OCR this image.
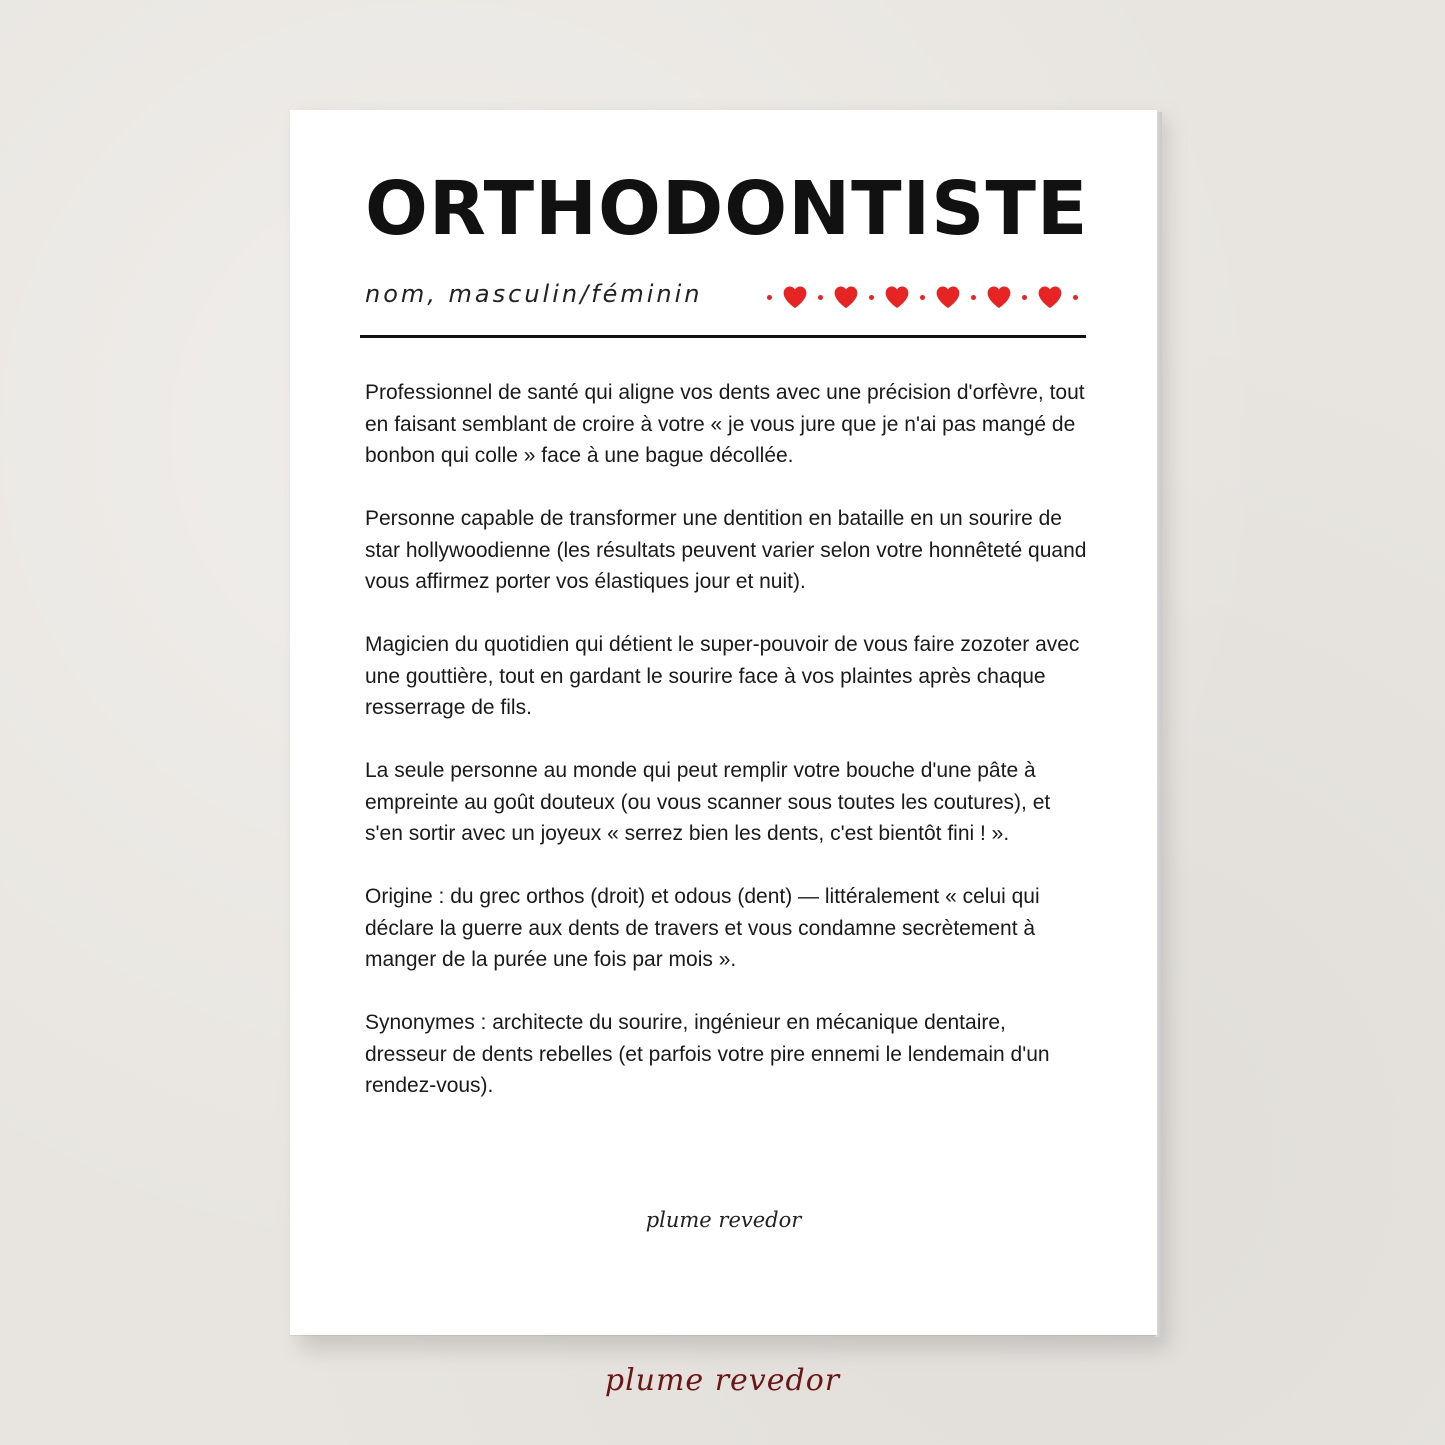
ORTHODONTISTE
nom, masculin/féminin

Professionnel de santé qui aligne vos dents avec une précision d'orfèvre, tout en faisant semblant de croire à votre « je vous jure que je n'ai pas mangé de bonbon qui colle » face à une bague décollée.

Personne capable de transformer une dentition en bataille en un sourire de star hollywoodienne (les résultats peuvent varier selon votre honnêteté quand vous affirmez porter vos élastiques jour et nuit).

Magicien du quotidien qui détient le super-pouvoir de vous faire zozoter avec une gouttière, tout en gardant le sourire face à vos plaintes après chaque resserrage de fils.

La seule personne au monde qui peut remplir votre bouche d'une pâte à empreinte au goût douteux (ou vous scanner sous toutes les coutures), et s'en sortir avec un joyeux « serrez bien les dents, c'est bientôt fini ! ».

Origine : du grec orthos (droit) et odous (dent) — littéralement « celui qui déclare la guerre aux dents de travers et vous condamne secrètement à manger de la purée une fois par mois ».

Synonymes : architecte du sourire, ingénieur en mécanique dentaire, dresseur de dents rebelles (et parfois votre pire ennemi le lendemain d'un rendez-vous).

plume revedor
plume revedor
